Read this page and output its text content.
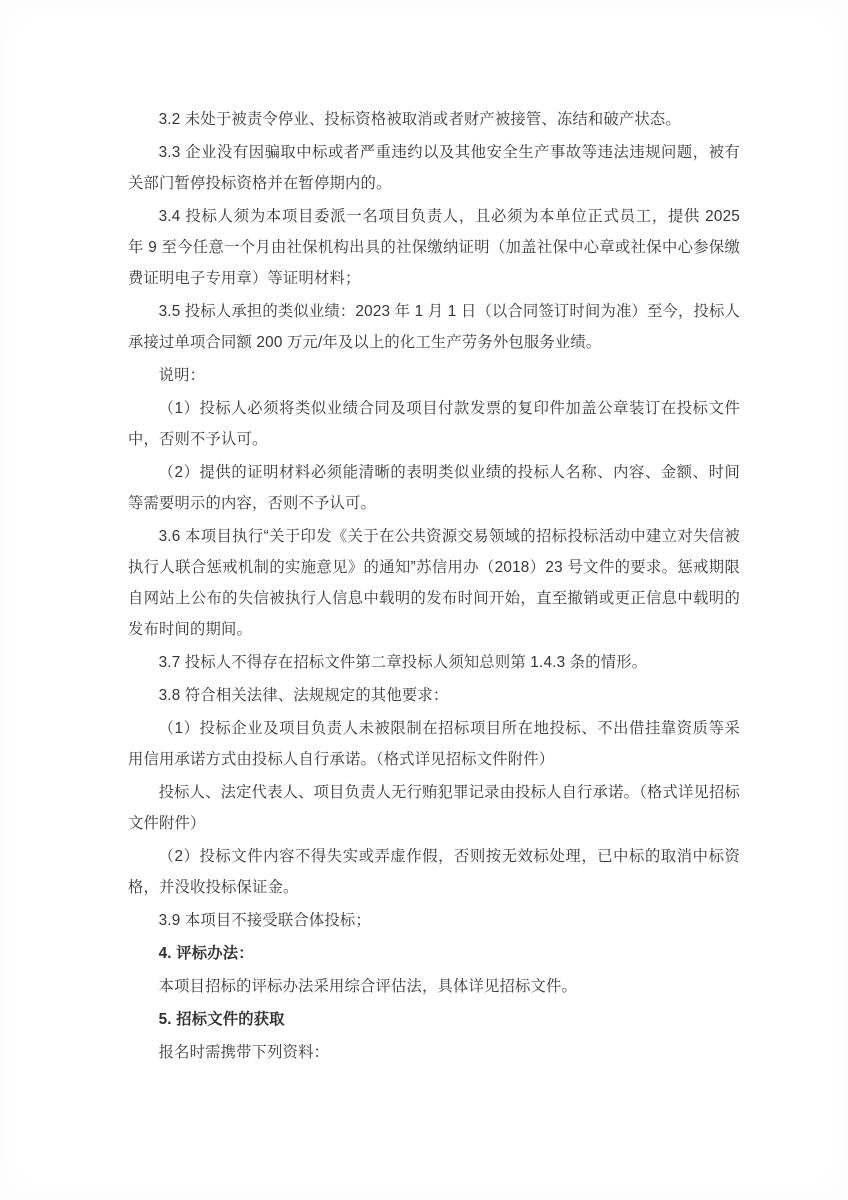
3.2 未处于被责令停业、投标资格被取消或者财产被接管、冻结和破产状态。

3.3 企业没有因骗取中标或者严重违约以及其他安全生产事故等违法违规问题，被有关部门暂停投标资格并在暂停期内的。

3.4 投标人须为本项目委派一名项目负责人，且必须为本单位正式员工，提供 2025 年 9 至今任意一个月由社保机构出具的社保缴纳证明（加盖社保中心章或社保中心参保缴费证明电子专用章）等证明材料；

3.5 投标人承担的类似业绩：2023 年 1 月 1 日（以合同签订时间为准）至今，投标人承接过单项合同额 200 万元/年及以上的化工生产劳务外包服务业绩。

说明：

（1）投标人必须将类似业绩合同及项目付款发票的复印件加盖公章装订在投标文件中，否则不予认可。

（2）提供的证明材料必须能清晰的表明类似业绩的投标人名称、内容、金额、时间等需要明示的内容，否则不予认可。

3.6 本项目执行“关于印发《关于在公共资源交易领域的招标投标活动中建立对失信被执行人联合惩戒机制的实施意见》的通知”苏信用办（2018）23 号文件的要求。惩戒期限自网站上公布的失信被执行人信息中载明的发布时间开始，直至撤销或更正信息中载明的发布时间的期间。

3.7 投标人不得存在招标文件第二章投标人须知总则第 1.4.3 条的情形。

3.8 符合相关法律、法规规定的其他要求：

（1）投标企业及项目负责人未被限制在招标项目所在地投标、不出借挂靠资质等采用信用承诺方式由投标人自行承诺。（格式详见招标文件附件）

投标人、法定代表人、项目负责人无行贿犯罪记录由投标人自行承诺。（格式详见招标文件附件）

（2）投标文件内容不得失实或弄虚作假，否则按无效标处理，已中标的取消中标资格，并没收投标保证金。

3.9 本项目不接受联合体投标；

4. 评标办法：

本项目招标的评标办法采用综合评估法，具体详见招标文件。

5. 招标文件的获取

报名时需携带下列资料：
